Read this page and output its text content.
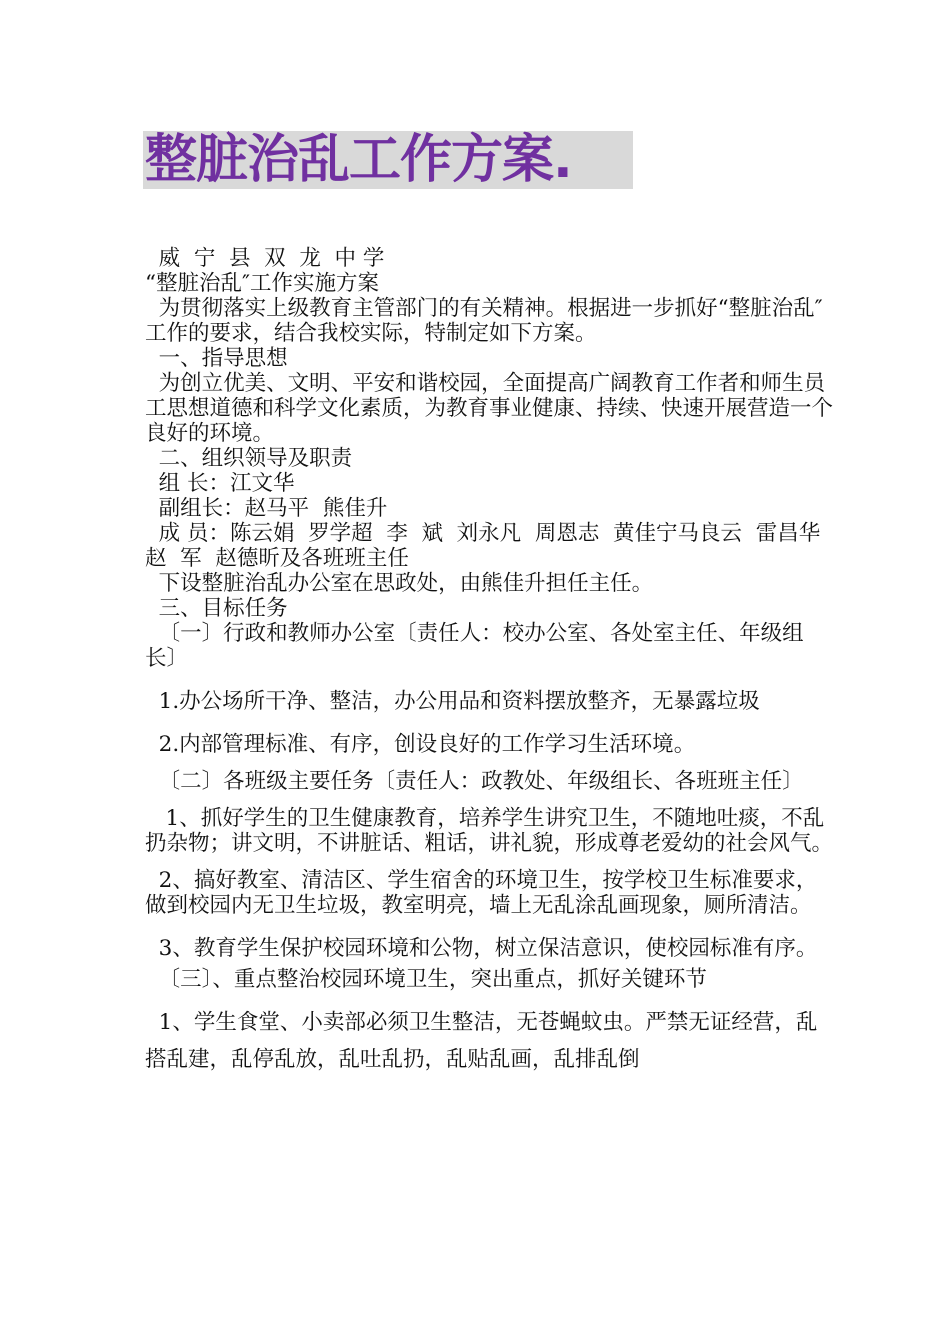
整脏治乱工作方案.

威  宁  县  双  龙  中 学

“整脏治乱″工作实施方案

为贯彻落实上级教育主管部门的有关精神。根据进一步抓好“整脏治乱″工作的要求，结合我校实际，特制定如下方案。

一、指导思想

为创立优美、文明、平安和谐校园，全面提高广阔教育工作者和师生员工思想道德和科学文化素质，为教育事业健康、持续、快速开展营造一个良好的环境。

二、组织领导及职责

组 长：江文华

副组长：赵马平  熊佳升

成 员：陈云娟  罗学超  李  斌  刘永凡  周恩志  黄佳宁马良云  雷昌华  赵  军  赵德昕及各班班主任

下设整脏治乱办公室在思政处，由熊佳升担任主任。

三、目标任务

〔一〕行政和教师办公室〔责任人：校办公室、各处室主任、年级组长〕

1.办公场所干净、整洁，办公用品和资料摆放整齐，无暴露垃圾

2.内部管理标准、有序，创设良好的工作学习生活环境。

〔二〕各班级主要任务〔责任人：政教处、年级组长、各班班主任〕

1、抓好学生的卫生健康教育，培养学生讲究卫生，不随地吐痰，不乱扔杂物；讲文明，不讲脏话、粗话，讲礼貌，形成尊老爱幼的社会风气。

2、搞好教室、清洁区、学生宿舍的环境卫生，按学校卫生标准要求，做到校园内无卫生垃圾，教室明亮，墙上无乱涂乱画现象，厕所清洁。

3、教育学生保护校园环境和公物，树立保洁意识，使校园标准有序。

〔三〕、重点整治校园环境卫生，突出重点，抓好关键环节

1、学生食堂、小卖部必须卫生整洁，无苍蝇蚊虫。严禁无证经营，乱搭乱建，乱停乱放，乱吐乱扔，乱贴乱画，乱排乱倒
